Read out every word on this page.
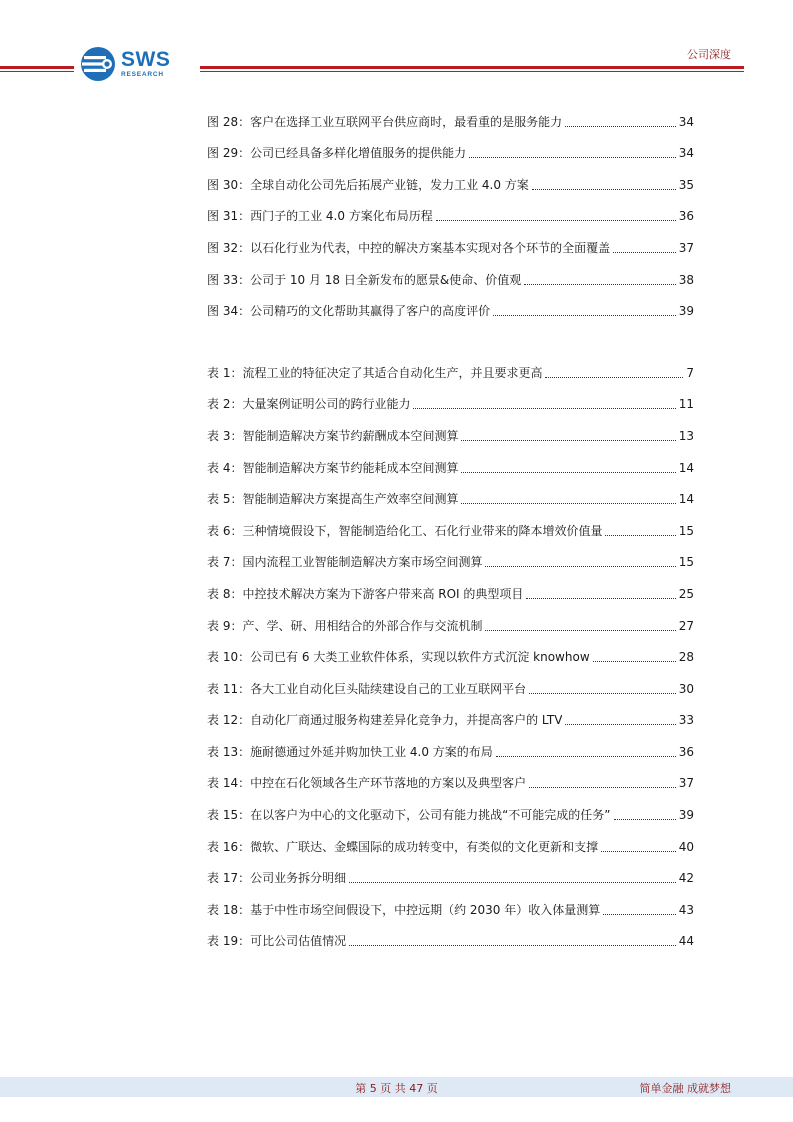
SWS
RESEARCH
公司深度
图 28：客户在选择工业互联网平台供应商时，最看重的是服务能力	34
图 29：公司已经具备多样化增值服务的提供能力	34
图 30：全球自动化公司先后拓展产业链，发力工业 4.0 方案	35
图 31：西门子的工业 4.0 方案化布局历程	36
图 32：以石化行业为代表，中控的解决方案基本实现对各个环节的全面覆盖	37
图 33：公司于 10 月 18 日全新发布的愿景&使命、价值观	38
图 34：公司精巧的文化帮助其赢得了客户的高度评价	39
表 1：流程工业的特征决定了其适合自动化生产，并且要求更高	7
表 2：大量案例证明公司的跨行业能力	11
表 3：智能制造解决方案节约薪酬成本空间测算	13
表 4：智能制造解决方案节约能耗成本空间测算	14
表 5：智能制造解决方案提高生产效率空间测算	14
表 6：三种情境假设下，智能制造给化工、石化行业带来的降本增效价值量	15
表 7：国内流程工业智能制造解决方案市场空间测算	15
表 8：中控技术解决方案为下游客户带来高 ROI 的典型项目	25
表 9：产、学、研、用相结合的外部合作与交流机制	27
表 10：公司已有 6 大类工业软件体系，实现以软件方式沉淀 knowhow	28
表 11：各大工业自动化巨头陆续建设自己的工业互联网平台	30
表 12：自动化厂商通过服务构建差异化竞争力，并提高客户的 LTV	33
表 13：施耐德通过外延并购加快工业 4.0 方案的布局	36
表 14：中控在石化领域各生产环节落地的方案以及典型客户	37
表 15：在以客户为中心的文化驱动下，公司有能力挑战“不可能完成的任务”	39
表 16：微软、广联达、金蝶国际的成功转变中，有类似的文化更新和支撑	40
表 17：公司业务拆分明细	42
表 18：基于中性市场空间假设下，中控远期（约 2030 年）收入体量测算	43
表 19：可比公司估值情况	44
第 5 页 共 47 页	简单金融 成就梦想
